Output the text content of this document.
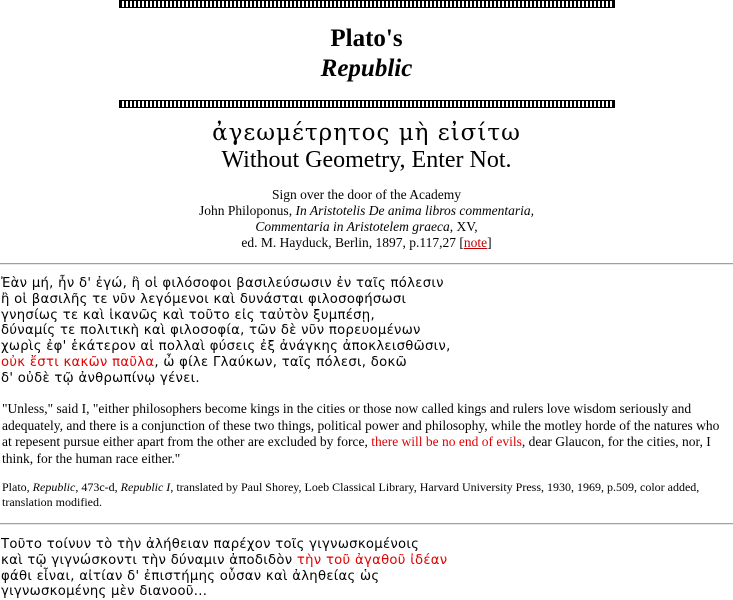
Plato's
Republic
ἀγεωμέτρητος μὴ εἰσίτω
Without Geometry, Enter Not.
Sign over the door of the Academy
John Philoponus, In Aristotelis De anima libros commentaria,
Commentaria in Aristotelem graeca, XV,
ed. M. Hayduck, Berlin, 1897, p.117,27 [note]
Ἐὰν μή, ἦν δ' ἐγώ, ἢ οἱ φιλόσοφοι βασιλεύσωσιν ἐν ταῖς πόλεσιν
ἢ οἱ βασιλῆς τε νῦν λεγόμενοι καὶ δυνάσται φιλοσοφήσωσι
γνησίως τε καὶ ἱκανῶς καὶ τοῦτο εἰς ταὐτὸν ξυμπέσῃ,
δύναμίς τε πολιτικὴ καὶ φιλοσοφία, τῶν δὲ νῦν πορευομένων
χωρὶς ἐφ' ἑκάτερον αἱ πολλαὶ φύσεις ἐξ ἀνάγκης ἀποκλεισθῶσιν,
οὐκ ἔστι κακῶν παῦλα, ὦ φίλε Γλαύκων, ταῖς πόλεσι, δοκῶ
δ' οὐδὲ τῷ ἀνθρωπίνῳ γένει.
"Unless," said I, "either philosophers become kings in the cities or those now called kings and rulers love wisdom seriously and adequately, and there is a conjunction of these two things, political power and philosophy, while the motley horde of the natures who at repesent pursue either apart from the other are excluded by force, there will be no end of evils, dear Glaucon, for the cities, nor, I think, for the human race either."
Plato, Republic, 473c-d, Republic I, translated by Paul Shorey, Loeb Classical Library, Harvard University Press, 1930, 1969, p.509, color added, translation modified.
Τοῦτο τοίνυν τὸ τὴν ἀλήθειαν παρέχον τοῖς γιγνωσκομένοις
καὶ τῷ γιγνώσκοντι τὴν δύναμιν ἀποδιδὸν τὴν τοῦ ἀγαθοῦ ἰδέαν
φάθι εἶναι, αἰτίαν δ' ἐπιστήμης οὖσαν καὶ ἀληθείας ὡς
γιγνωσκομένης μὲν διανοοῦ...
